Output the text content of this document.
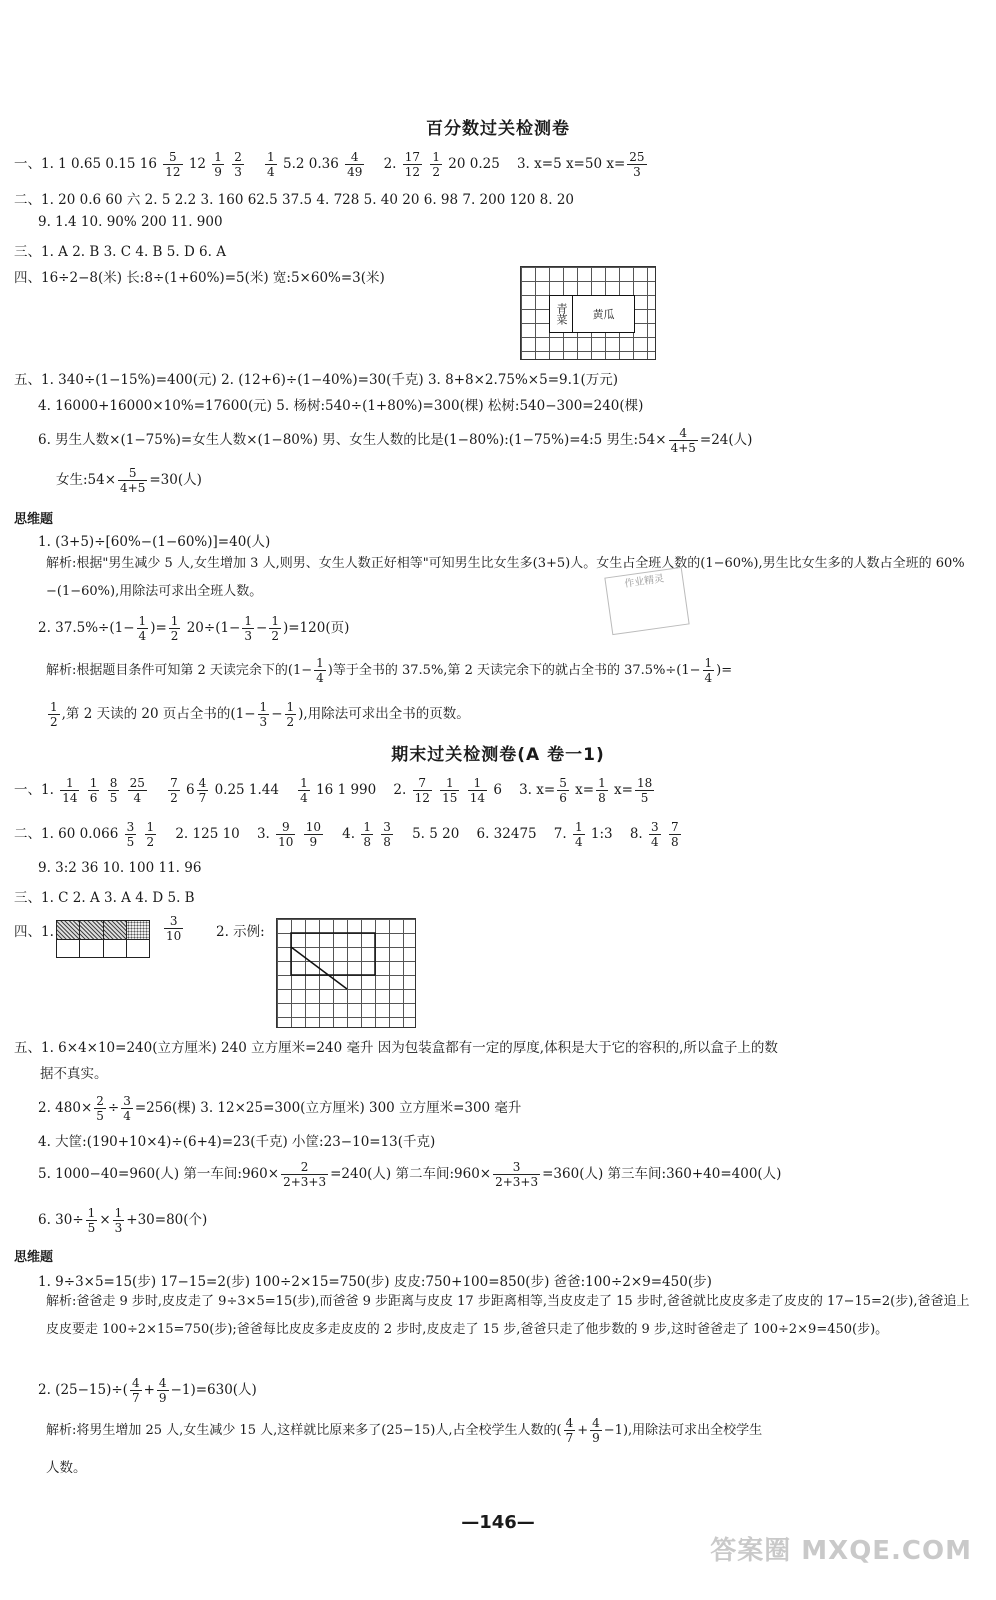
百分数过关检测卷
一、1. 1 0.65 0.15 $16 \frac{5}{12} 12 \frac{1}{9}$
$\frac{2}{3}$
$\frac{1}{4} 5.2$ $0.36 \frac{4}{49} 2$. $\frac{17}{12}$
$\frac{1}{2} 20$ 0.25 3. x=5 x=50 $x= \frac{25}{3}$
二、1. 20 0.6 60 六 2. 5 2.2 3. 160 62.5 37.5 4. 728 5. 40 20 6. 98 7. 200 120 8. 20
9. 1.4 10. 90% 200 11. 900
三、1. A 2. B 3. C 4. B 5. D 6. A
四、16÷2−8(米) 长:8÷(1+60%)=5(米) 宽:5×60%=3(米)
青菜	黄瓜
五、1. 340÷(1−15%)=400(元) 2. (12+6)÷(1−40%)=30(千克) 3. 8+8×2.75%×5=9.1(万元)
4. 16000+16000×10%=17600(元) 5. 杨树:540÷(1+80%)=300(棵) 松树:540−300=240(棵)
6. 男生人数×(1−75%)=女生人数×(1−80%) 男、女生人数的比是(1−80%):(1−75%)=4:5 男生:54× $\frac{4}{4+5} =24$(人)
女生:54× $\frac{5}{4+5} =30$(人)
思维题
1. (3+5)÷[60%−(1−60%)]=40(人)
解析:根据"男生减少 5 人,女生增加 3 人,则男、女生人数正好相等"可知男生比女生多(3+5)人。女生占全班人数的(1−60%),男生比女生多的人数占全班的 60%−(1−60%),用除法可求出全班人数。
作业精灵
2. $37.5\%\div(1- \frac{1}{4}$ )= $\frac{1}{2} 20\div(1- \frac{1}{3} - \frac{1}{2} )=120$(页)
解析:根据题目条件可知第 2 天读完余下的($1- \frac{1}{4}$ )等于全书的 37.5%,第 2 天读完余下的就占全书的 $37.5\%\div(1- \frac{1}{4}$ )=
$\frac{1}{2}$ ,第 2 天读的 20 页占全书的($1- \frac{1}{3} - \frac{1}{2}$ ),用除法可求出全书的页数。
期末过关检测卷(A 卷一1)
一、1. $\frac{1}{14}$
$\frac{1}{6}$
$\frac{8}{5}$
$\frac{25}{4}$
$\frac{7}{2} 6 \frac{4}{7} 0.25$ $1.44 \frac{1}{4} 16$ 1 990 2. $\frac{7}{12}$
$\frac{1}{15}$
$\frac{1}{14} 6$ 3. $x= \frac{5}{6} x= \frac{1}{8} x= \frac{18}{5}$
二、1. 60 $0.066 \frac{3}{5}$
$\frac{1}{2} 2$. 125 10 3. $\frac{9}{10}$
$\frac{10}{9} 4$. $\frac{1}{8}$
$\frac{3}{8} 5$. 5 20 6. 32475 7. $\frac{1}{4}$ 1:3 8. $\frac{3}{4}$
$\frac{7}{8}$
9. 3:2 36 10. 100 11. 96
三、1. C 2. A 3. A 4. D 5. B
四、1.	$\frac{3}{10} 2$. 示例:
五、1. 6×4×10=240(立方厘米) 240 立方厘米=240 毫升 因为包装盒都有一定的厚度,体积是大于它的容积的,所以盒子上的数
据不真实。
2. $480\times \frac{2}{5} \div \frac{3}{4} =256$(棵) 3. 12×25=300(立方厘米) 300 立方厘米=300 毫升
4. 大筐:(190+10×4)÷(6+4)=23(千克) 小筐:23−10=13(千克)
5. 1000−40=960(人) 第一车间:960× $\frac{2}{2+3+3} =240$(人) 第二车间:960× $\frac{3}{2+3+3} =360$(人) 第三车间:360+40=400(人)
6. $30\div \frac{1}{5} \times \frac{1}{3} +30=80$(个)
思维题
1. 9÷3×5=15(步) 17−15=2(步) 100÷2×15=750(步) 皮皮:750+100=850(步) 爸爸:100÷2×9=450(步)
解析:爸爸走 9 步时,皮皮走了 9÷3×5=15(步),而爸爸 9 步距离与皮皮 17 步距离相等,当皮皮走了 15 步时,爸爸就比皮皮多走了皮皮的 17−15=2(步),爸爸追上皮皮要走 100÷2×15=750(步);爸爸每比皮皮多走皮皮的 2 步时,皮皮走了 15 步,爸爸只走了他步数的 9 步,这时爸爸走了 100÷2×9=450(步)。
2. $(25-15)\div( \frac{4}{7} + \frac{4}{9} -1)=630$(人)
解析:将男生增加 25 人,女生减少 15 人,这样就比原来多了(25−15)人,占全校学生人数的( $\frac{4}{7} + \frac{4}{9} -1$),用除法可求出全校学生
人数。
—146—
答案圈 MXQE.COM
